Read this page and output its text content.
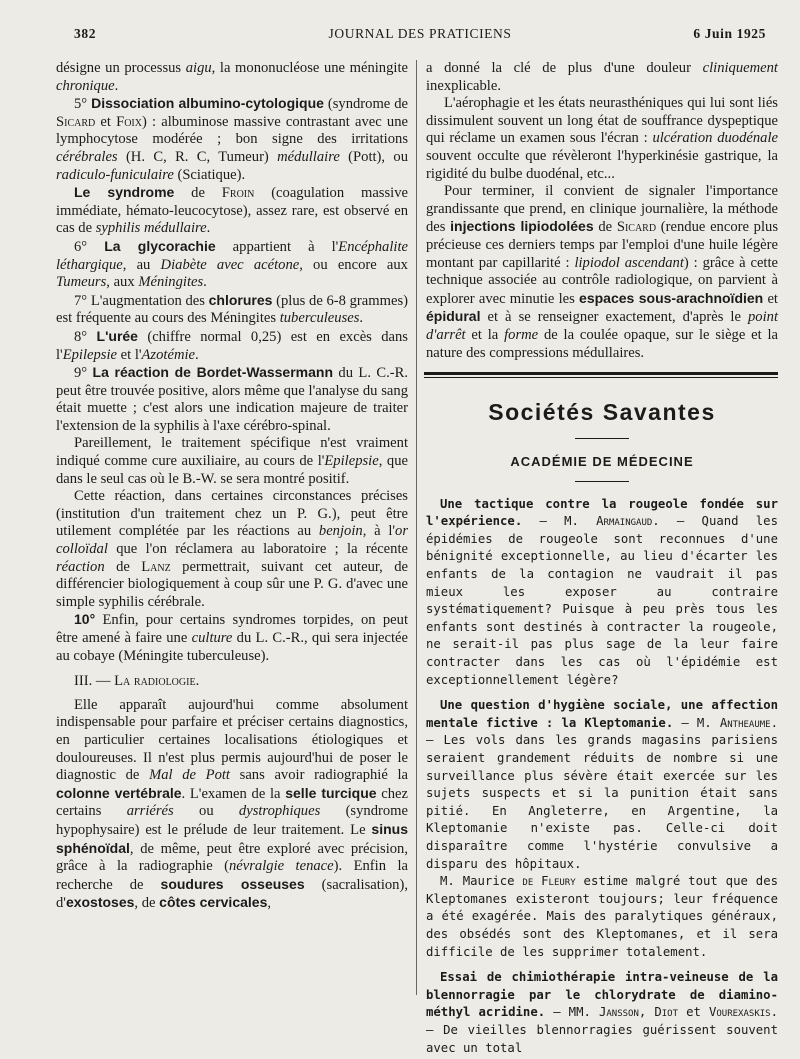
382	JOURNAL DES PRATICIENS	6 Juin 1925

désigne un processus aigu, la mononucléose une méningite chronique.

5° Dissociation albumino-cytologique (syndrome de Sicard et Foix) : albuminose massive contrastant avec une lymphocytose modérée ; bon signe des irritations cérébrales (H. C, R. C, Tumeur) médullaire (Pott), ou radiculo-funiculaire (Sciatique).

Le syndrome de Froin (coagulation massive immédiate, hémato-leucocytose), assez rare, est observé en cas de syphilis médullaire.

6° La glycorachie appartient à l'Encéphalite léthargique, au Diabète avec acétone, ou encore aux Tumeurs, aux Méningites.

7° L'augmentation des chlorures (plus de 6-8 grammes) est fréquente au cours des Méningites tuberculeuses.

8° L'urée (chiffre normal 0,25) est en excès dans l'Epilepsie et l'Azotémie.

9° La réaction de Bordet-Wassermann du L. C.-R. peut être trouvée positive, alors même que l'analyse du sang était muette ; c'est alors une indication majeure de traiter l'extension de la syphilis à l'axe cérébro-spinal.

Pareillement, le traitement spécifique n'est vraiment indiqué comme cure auxiliaire, au cours de l'Epilepsie, que dans le seul cas où le B.-W. se sera montré positif.

Cette réaction, dans certaines circonstances précises (institution d'un traitement chez un P. G.), peut être utilement complétée par les réactions au benjoin, à l'or colloïdal que l'on réclamera au laboratoire ; la récente réaction de Lanz permettrait, suivant cet auteur, de différencier biologiquement à coup sûr une P. G. d'avec une simple syphilis cérébrale.

10° Enfin, pour certains syndromes torpides, on peut être amené à faire une culture du L. C.-R., qui sera injectée au cobaye (Méningite tuberculeuse).

III. — La radiologie.

Elle apparaît aujourd'hui comme absolument indispensable pour parfaire et préciser certains diagnostics, en particulier certaines localisations étiologiques et douloureuses. Il n'est plus permis aujourd'hui de poser le diagnostic de Mal de Pott sans avoir radiographié la colonne vertébrale. L'examen de la selle turcique chez certains arriérés ou dystrophiques (syndrome hypophysaire) est le prélude de leur traitement. Le sinus sphénoïdal, de même, peut être exploré avec précision, grâce à la radiographie (névralgie tenace). Enfin la recherche de soudures osseuses (sacralisation), d'exostoses, de côtes cervicales,

a donné la clé de plus d'une douleur cliniquement inexplicable.

L'aérophagie et les états neurasthéniques qui lui sont liés dissimulent souvent un long état de souffrance dyspeptique qui réclame un examen sous l'écran : ulcération duodénale souvent occulte que révèleront l'hyperkinésie gastrique, la rigidité du bulbe duodénal, etc...

Pour terminer, il convient de signaler l'importance grandissante que prend, en clinique journalière, la méthode des injections lipiodolées de Sicard (rendue encore plus précieuse ces derniers temps par l'emploi d'une huile légère montant par capillarité : lipiodol ascendant) : grâce à cette technique associée au contrôle radiologique, on parvient à explorer avec minutie les espaces sous-arachnoïdien et épidural et à se renseigner exactement, d'après le point d'arrêt et la forme de la coulée opaque, sur le siège et la nature des compressions médullaires.

Sociétés Savantes
ACADÉMIE DE MÉDECINE

Une tactique contre la rougeole fondée sur l'expérience. — M. Armaingaud. — Quand les épidémies de rougeole sont reconnues d'une bénignité exceptionnelle, au lieu d'écarter les enfants de la contagion ne vaudrait il pas mieux les exposer au contraire systématiquement? Puisque à peu près tous les enfants sont destinés à contracter la rougeole, ne serait-il pas plus sage de la leur faire contracter dans les cas où l'épidémie est exceptionnellement légère?

Une question d'hygiène sociale, une affection mentale fictive : la Kleptomanie. — M. Antheaume. — Les vols dans les grands magasins parisiens seraient grandement réduits de nombre si une surveillance plus sévère était exercée sur les sujets suspects et si la punition était sans pitié. En Angleterre, en Argentine, la Kleptomanie n'existe pas. Celle-ci doit disparaître comme l'hystérie convulsive a disparu des hôpitaux.

M. Maurice de Fleury estime malgré tout que des Kleptomanes existeront toujours; leur fréquence a été exagérée. Mais des paralytiques généraux, des obsédés sont des Kleptomanes, et il sera difficile de les supprimer totalement.

Essai de chimiothérapie intra-veineuse de la blennorragie par le chlorydrate de diamino-méthyl acridine. — MM. Jansson, Diot et Vourexaskis. — De vieilles blennorragies guérissent souvent avec un total
